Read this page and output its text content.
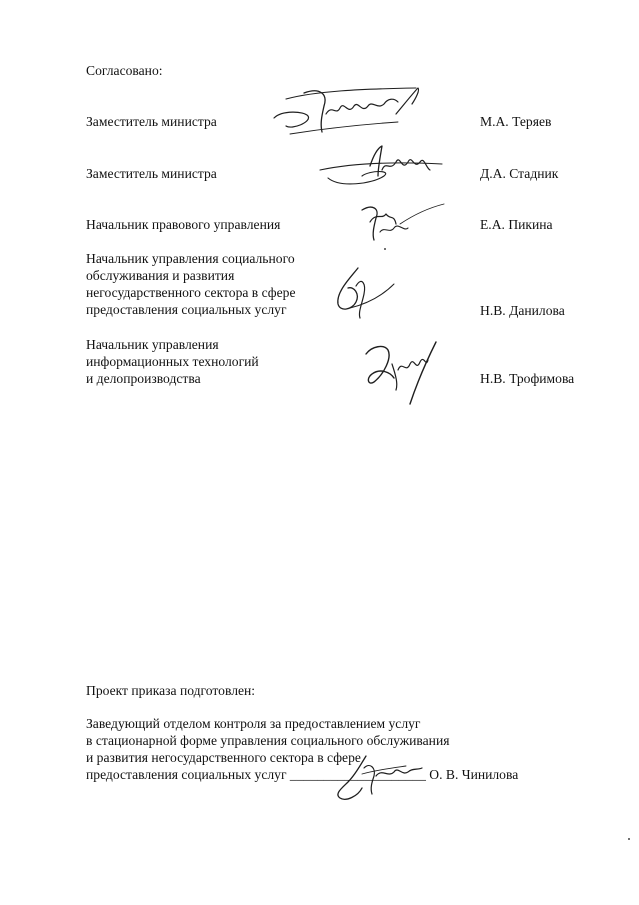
Согласовано:
Заместитель министра	М.А. Теряев
Заместитель министра	Д.А. Стадник
Начальник правового управления	Е.А. Пикина
Начальник управления социального
обслуживания и развития
негосударственного сектора в сфере
предоставления социальных услуг	Н.В. Данилова
Начальник управления
информационных технологий
и делопроизводства	Н.В. Трофимова
Проект приказа подготовлен:
Заведующий отделом контроля за предоставлением услуг
в стационарной форме управления социального обслуживания
и развития негосударственного сектора в сфере
предоставления социальных услуг ____________________ О. В. Чинилова
